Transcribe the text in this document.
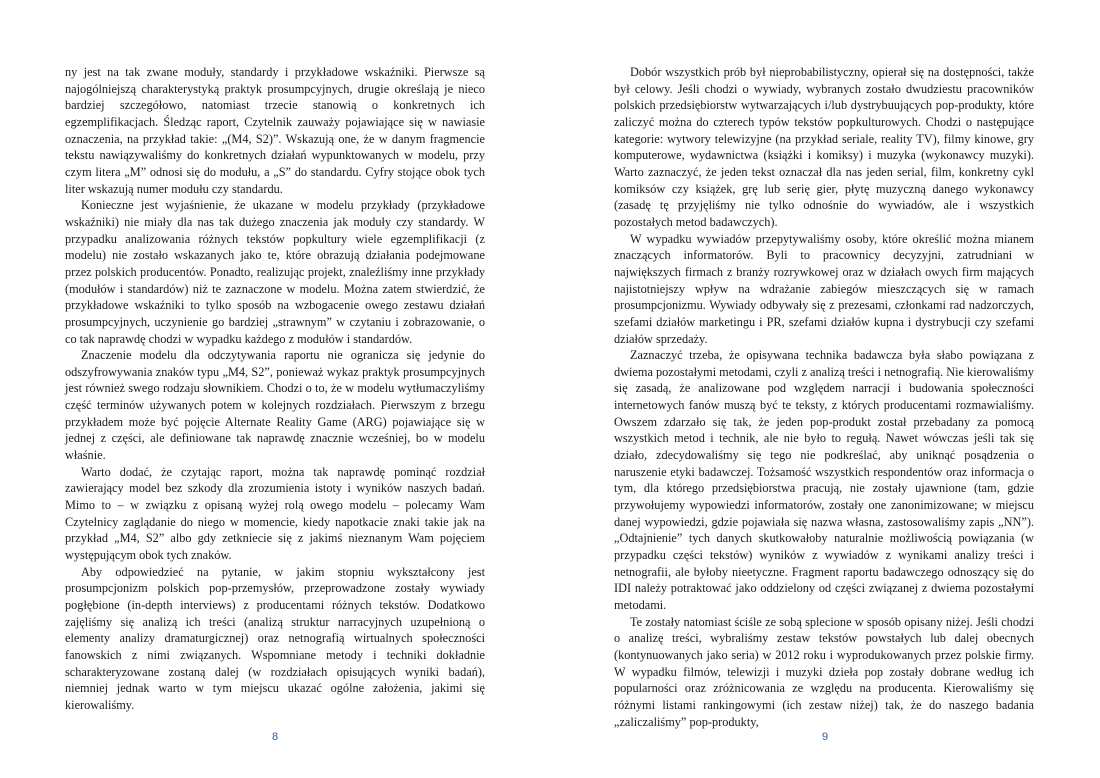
ny jest na tak zwane moduły, standardy i przykładowe wskaźniki. Pierwsze są najogólniejszą charakterystyką praktyk prosumpcyjnych, drugie określają je nieco bardziej szczegółowo, natomiast trzecie stanowią o konkretnych ich egzemplifikacjach. Śledząc raport, Czytelnik zauważy pojawiające się w nawiasie oznaczenia, na przykład takie: „(M4, S2)”. Wskazują one, że w danym fragmencie tekstu nawiązywaliśmy do konkretnych działań wypunktowanych w modelu, przy czym litera „M” odnosi się do modułu, a „S” do standardu. Cyfry stojące obok tych liter wskazują numer modułu czy standardu.

Konieczne jest wyjaśnienie, że ukazane w modelu przykłady (przykładowe wskaźniki) nie miały dla nas tak dużego znaczenia jak moduły czy standardy. W przypadku analizowania różnych tekstów popkultury wiele egzemplifikacji (z modelu) nie zostało wskazanych jako te, które obrazują działania podejmowane przez polskich producentów. Ponadto, realizując projekt, znaleźliśmy inne przykłady (modułów i standardów) niż te zaznaczone w modelu. Można zatem stwierdzić, że przykładowe wskaźniki to tylko sposób na wzbogacenie owego zestawu działań prosumpcyjnych, uczynienie go bardziej „strawnym” w czytaniu i zobrazowanie, o co tak naprawdę chodzi w wypadku każdego z modułów i standardów.

Znaczenie modelu dla odczytywania raportu nie ogranicza się jedynie do odszyfrowywania znaków typu „M4, S2”, ponieważ wykaz praktyk prosumpcyjnych jest również swego rodzaju słownikiem. Chodzi o to, że w modelu wytłumaczyliśmy część terminów używanych potem w kolejnych rozdziałach. Pierwszym z brzegu przykładem może być pojęcie Alternate Reality Game (ARG) pojawiające się w jednej z części, ale definiowane tak naprawdę znacznie wcześniej, bo w modelu właśnie.

Warto dodać, że czytając raport, można tak naprawdę pominąć rozdział zawierający model bez szkody dla zrozumienia istoty i wyników naszych badań. Mimo to – w związku z opisaną wyżej rolą owego modelu – polecamy Wam Czytelnicy zaglądanie do niego w momencie, kiedy napotkacie znaki takie jak na przykład „M4, S2” albo gdy zetkniecie się z jakimś nieznanym Wam pojęciem występującym obok tych znaków.

Aby odpowiedzieć na pytanie, w jakim stopniu wykształcony jest prosumpcjonizm polskich pop-przemysłów, przeprowadzone zostały wywiady pogłębione (in-depth interviews) z producentami różnych tekstów. Dodatkowo zajęliśmy się analizą ich treści (analizą struktur narracyjnych uzupełnioną o elementy analizy dramaturgicznej) oraz netnografią wirtualnych społeczności fanowskich z nimi związanych. Wspomniane metody i techniki dokładnie scharakteryzowane zostaną dalej (w rozdziałach opisujących wyniki badań), niemniej jednak warto w tym miejscu ukazać ogólne założenia, jakimi się kierowaliśmy.

Dobór wszystkich prób był nieprobabilistyczny, opierał się na dostępności, także był celowy. Jeśli chodzi o wywiady, wybranych zostało dwudziestu pracowników polskich przedsiębiorstw wytwarzających i/lub dystrybuujących pop-produkty, które zaliczyć można do czterech typów tekstów popkulturowych. Chodzi o następujące kategorie: wytwory telewizyjne (na przykład seriale, reality TV), filmy kinowe, gry komputerowe, wydawnictwa (książki i komiksy) i muzyka (wykonawcy muzyki). Warto zaznaczyć, że jeden tekst oznaczał dla nas jeden serial, film, konkretny cykl komiksów czy książek, grę lub serię gier, płytę muzyczną danego wykonawcy (zasadę tę przyjęliśmy nie tylko odnośnie do wywiadów, ale i wszystkich pozostałych metod badawczych).

W wypadku wywiadów przepytywaliśmy osoby, które określić można mianem znaczących informatorów. Byli to pracownicy decyzyjni, zatrudniani w największych firmach z branży rozrywkowej oraz w działach owych firm mających najistotniejszy wpływ na wdrażanie zabiegów mieszczących się w ramach prosumpcjonizmu. Wywiady odbywały się z prezesami, członkami rad nadzorczych, szefami działów marketingu i PR, szefami działów kupna i dystrybucji czy szefami działów sprzedaży.

Zaznaczyć trzeba, że opisywana technika badawcza była słabo powiązana z dwiema pozostałymi metodami, czyli z analizą treści i netnografią. Nie kierowaliśmy się zasadą, że analizowane pod względem narracji i budowania społeczności internetowych fanów muszą być te teksty, z których producentami rozmawialiśmy. Owszem zdarzało się tak, że jeden pop-produkt został przebadany za pomocą wszystkich metod i technik, ale nie było to regułą. Nawet wówczas jeśli tak się działo, zdecydowaliśmy się tego nie podkreślać, aby uniknąć posądzenia o naruszenie etyki badawczej. Tożsamość wszystkich respondentów oraz informacja o tym, dla którego przedsiębiorstwa pracują, nie zostały ujawnione (tam, gdzie przywołujemy wypowiedzi informatorów, zostały one zanonimizowane; w miejscu danej wypowiedzi, gdzie pojawiała się nazwa własna, zastosowaliśmy zapis „NN”). „Odtajnienie” tych danych skutkowałoby naturalnie możliwością powiązania (w przypadku części tekstów) wyników z wywiadów z wynikami analizy treści i netnografii, ale byłoby nieetyczne. Fragment raportu badawczego odnoszący się do IDI należy potraktować jako oddzielony od części związanej z dwiema pozostałymi metodami.

Te zostały natomiast ściśle ze sobą splecione w sposób opisany niżej. Jeśli chodzi o analizę treści, wybraliśmy zestaw tekstów powstałych lub dalej obecnych (kontynuowanych jako seria) w 2012 roku i wyprodukowanych przez polskie firmy. W wypadku filmów, telewizji i muzyki dzieła pop zostały dobrane według ich popularności oraz zróżnicowania ze względu na producenta. Kierowaliśmy się różnymi listami rankingowymi (ich zestaw niżej) tak, że do naszego badania „zaliczaliśmy” pop-produkty,

8	9
